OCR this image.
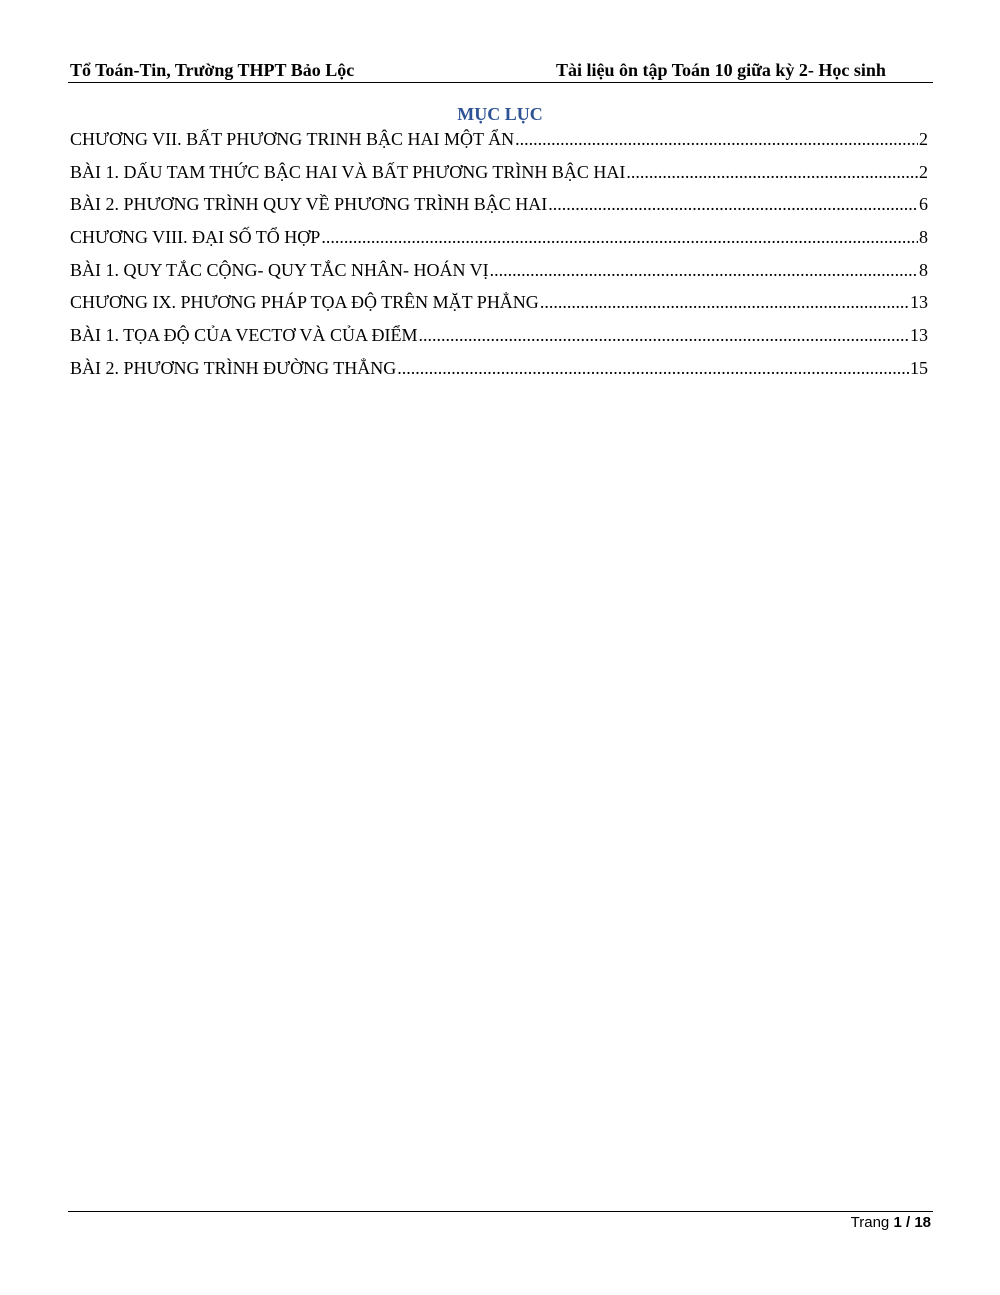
Tổ Toán-Tin, Trường THPT Bảo Lộc	Tài liệu ôn tập Toán 10 giữa kỳ 2- Học sinh
MỤC LỤC
CHƯƠNG VII. BẤT PHƯƠNG TRINH BẬC HAI MỘT ẨN .....	2
BÀI 1. DẤU TAM THỨC BẬC HAI VÀ BẤT PHƯƠNG TRÌNH BẬC HAI .....	2
BÀI 2. PHƯƠNG TRÌNH QUY VỀ PHƯƠNG TRÌNH BẬC HAI .....	6
CHƯƠNG VIII. ĐẠI SỐ TỔ HỢP .....	8
BÀI 1. QUY TẮC CỘNG- QUY TẮC NHÂN- HOÁN VỊ .....	8
CHƯƠNG IX. PHƯƠNG PHÁP TỌA ĐỘ TRÊN MẶT PHẲNG .....	13
BÀI 1. TỌA ĐỘ CỦA VECTƠ VÀ CỦA ĐIỂM .....	13
BÀI 2. PHƯƠNG TRÌNH ĐƯỜNG THẲNG .....	15
Trang 1 / 18
